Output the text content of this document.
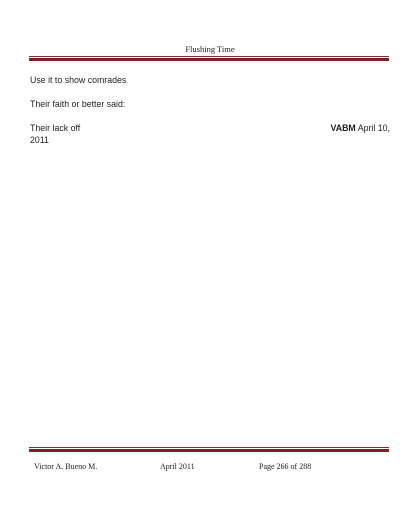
Flushing Time
Use it to show comrades
Their faith or better said:
Their lack off
2011
VABM April 10,
Victor A. Bueno M.	April 2011	Page 266 of 288
